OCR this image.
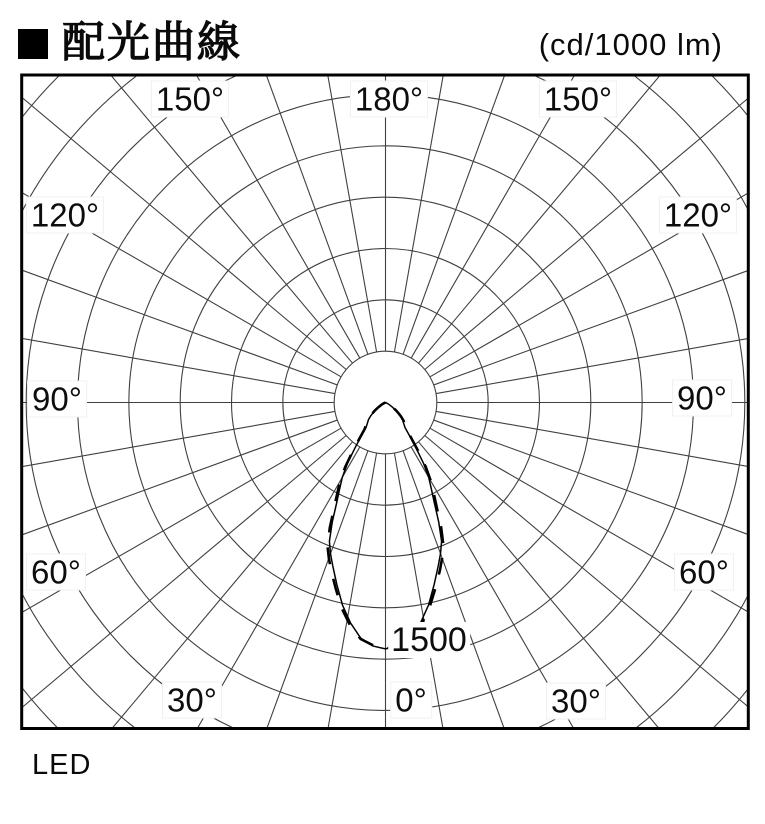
配光曲線	(cd/1000 lm)
180°
150°	150°
120°	120°
90°	90°
60°	60°
30°	30°
0°
1500
LED
